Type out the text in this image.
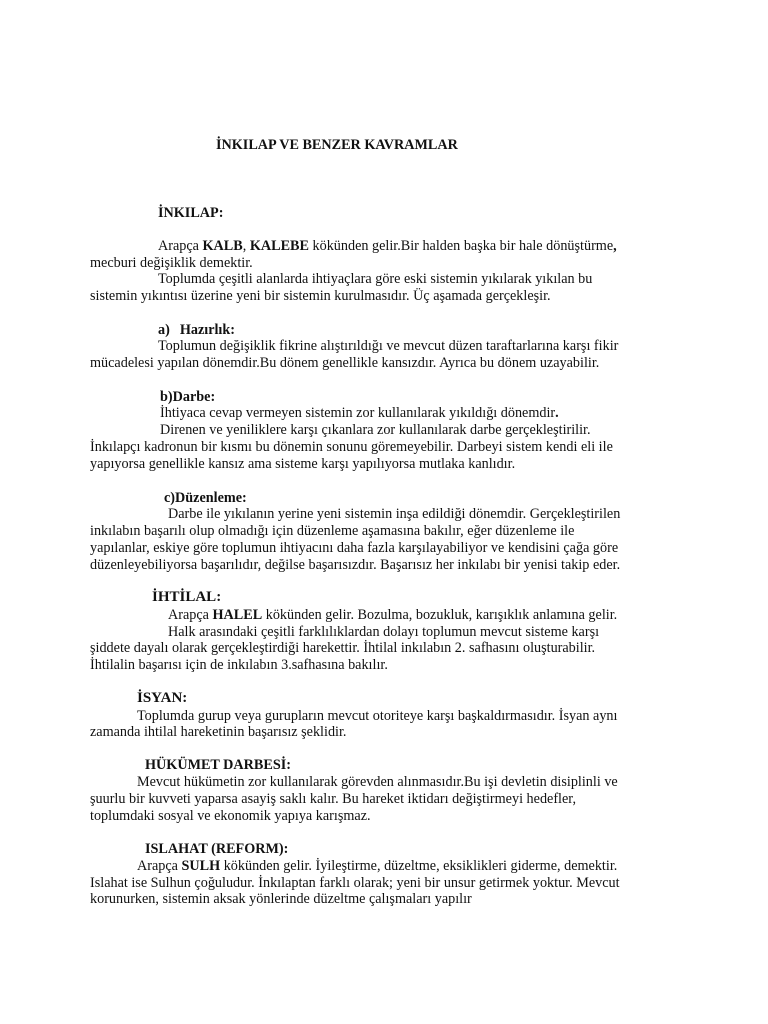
İNKILAP VE BENZER KAVRAMLAR
İNKILAP:
Arapça KALB, KALEBE kökünden gelir.Bir halden başka bir hale dönüştürme,
mecburi değişiklik demektir.
Toplumda çeşitli alanlarda ihtiyaçlara göre eski sistemin yıkılarak yıkılan bu
sistemin yıkıntısı üzerine yeni bir sistemin kurulmasıdır. Üç aşamada gerçekleşir.
a) Hazırlık:
Toplumun değişiklik fikrine alıştırıldığı ve mevcut düzen taraftarlarına karşı fikir
mücadelesi yapılan dönemdir.Bu dönem genellikle kansızdır. Ayrıca bu dönem uzayabilir.
b)Darbe:
İhtiyaca cevap vermeyen sistemin zor kullanılarak yıkıldığı dönemdir.
Direnen ve yeniliklere karşı çıkanlara zor kullanılarak darbe gerçekleştirilir.
İnkılapçı kadronun bir kısmı bu dönemin sonunu göremeyebilir. Darbeyi sistem kendi eli ile
yapıyorsa genellikle kansız ama sisteme karşı yapılıyorsa mutlaka kanlıdır.
c)Düzenleme:
Darbe ile yıkılanın yerine yeni sistemin inşa edildiği dönemdir. Gerçekleştirilen
inkılabın başarılı olup olmadığı için düzenleme aşamasına bakılır, eğer düzenleme ile
yapılanlar, eskiye göre toplumun ihtiyacını daha fazla karşılayabiliyor ve kendisini çağa göre
düzenleyebiliyorsa başarılıdır, değilse başarısızdır. Başarısız her inkılabı bir yenisi takip eder.
İHTİLAL:
Arapça HALEL kökünden gelir. Bozulma, bozukluk, karışıklık anlamına gelir.
Halk arasındaki çeşitli farklılıklardan dolayı toplumun mevcut sisteme karşı
şiddete dayalı olarak gerçekleştirdiği harekettir. İhtilal inkılabın 2. safhasını oluşturabilir.
İhtilalin başarısı için de inkılabın 3.safhasına bakılır.
İSYAN:
Toplumda gurup veya gurupların mevcut otoriteye karşı başkaldırmasıdır. İsyan aynı
zamanda ihtilal hareketinin başarısız şeklidir.
HÜKÜMET DARBESİ:
Mevcut hükümetin zor kullanılarak görevden alınmasıdır.Bu işi devletin disiplinli ve
şuurlu bir kuvveti yaparsa asayiş saklı kalır. Bu hareket iktidarı değiştirmeyi hedefler,
toplumdaki sosyal ve ekonomik yapıya karışmaz.
ISLAHAT (REFORM):
Arapça SULH kökünden gelir. İyileştirme, düzeltme, eksiklikleri giderme, demektir.
Islahat ise Sulhun çoğuludur. İnkılaptan farklı olarak; yeni bir unsur getirmek yoktur. Mevcut
korunurken, sistemin aksak yönlerinde düzeltme çalışmaları yapılır
